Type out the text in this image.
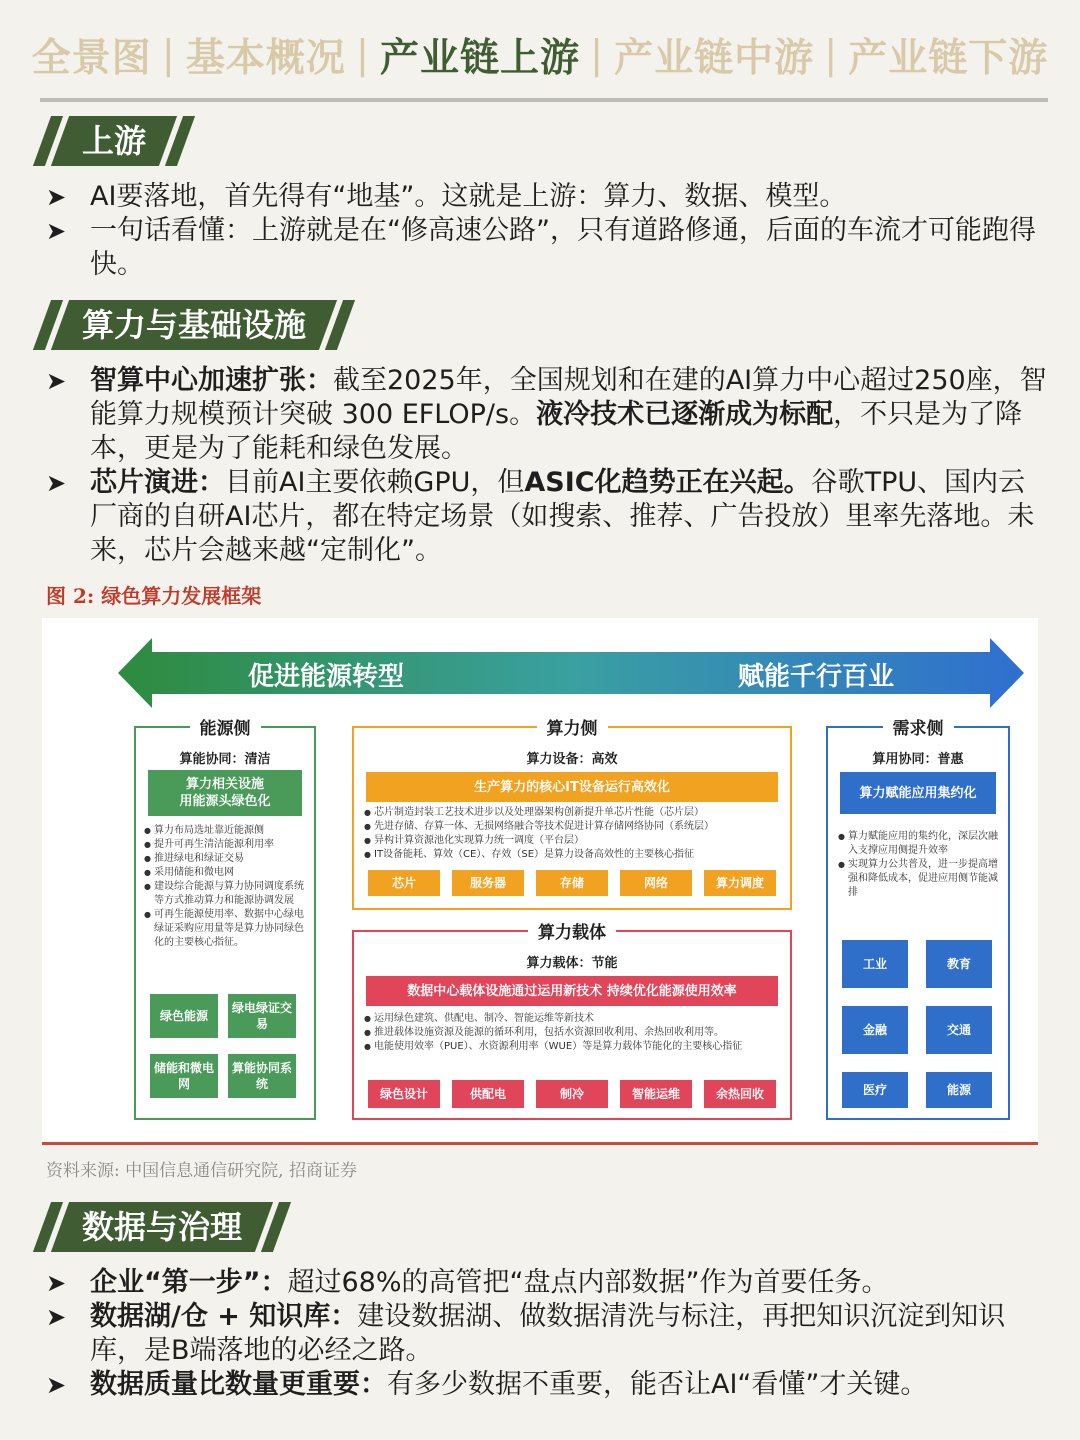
全景图 | 基本概况 | 产业链上游 | 产业链中游 | 产业链下游
上游
➤ AI要落地，首先得有“地基”。这就是上游：算力、数据、模型。
➤ 一句话看懂：上游就是在“修高速公路”，只有道路修通，后面的车流才可能跑得快。
算力与基础设施
➤ 智算中心加速扩张：截至2025年，全国规划和在建的AI算力中心超过250座，智能算力规模预计突破 300 EFLOP/s。液冷技术已逐渐成为标配，不只是为了降本，更是为了能耗和绿色发展。
➤ 芯片演进：目前AI主要依赖GPU，但ASIC化趋势正在兴起。谷歌TPU、国内云厂商的自研AI芯片，都在特定场景（如搜索、推荐、广告投放）里率先落地。未来，芯片会越来越“定制化”。
图 2: 绿色算力发展框架
促进能源转型	赋能千行百业
能源侧
算能协同：清洁
算力相关设施
用能源头绿色化
● 算力布局选址靠近能源侧
● 提升可再生清洁能源利用率
● 推进绿电和绿证交易
● 采用储能和微电网
● 建设综合能源与算力协同调度系统等方式推动算力和能源协调发展
● 可再生能源使用率、数据中心绿电绿证采购应用量等是算力协同绿色化的主要核心指征。
绿色能源
绿电绿证交易
储能和微电网
算能协同系统
算力侧
算力设备：高效
生产算力的核心IT设备运行高效化
● 芯片制造封装工艺技术进步以及处理器架构创新提升单芯片性能（芯片层）
● 先进存储、存算一体、无损网络融合等技术促进计算存储网络协同（系统层）
● 异构计算资源池化实现算力统一调度（平台层）
● IT设备能耗、算效（CE）、存效（SE）是算力设备高效性的主要核心指征
芯片	服务器	存储	网络	算力调度
算力载体
算力载体：节能
数据中心载体设施通过运用新技术 持续优化能源使用效率
● 运用绿色建筑、供配电、制冷、智能运维等新技术
● 推进载体设施资源及能源的循环利用，包括水资源回收利用、余热回收利用等。
● 电能使用效率（PUE）、水资源利用率（WUE）等是算力载体节能化的主要核心指征
绿色设计	供配电	制冷	智能运维	余热回收
需求侧
算用协同：普惠
算力赋能应用集约化
● 算力赋能应用的集约化，深层次融入支撑应用侧提升效率
● 实现算力公共普及，进一步提高增强和降低成本，促进应用侧节能减排
工业	教育
金融	交通
医疗	能源
资料来源: 中国信息通信研究院, 招商证券
数据与治理
➤ 企业“第一步”：超过68%的高管把“盘点内部数据”作为首要任务。
➤ 数据湖/仓 + 知识库：建设数据湖、做数据清洗与标注，再把知识沉淀到知识库，是B端落地的必经之路。
➤ 数据质量比数量更重要：有多少数据不重要，能否让AI“看懂”才关键。
